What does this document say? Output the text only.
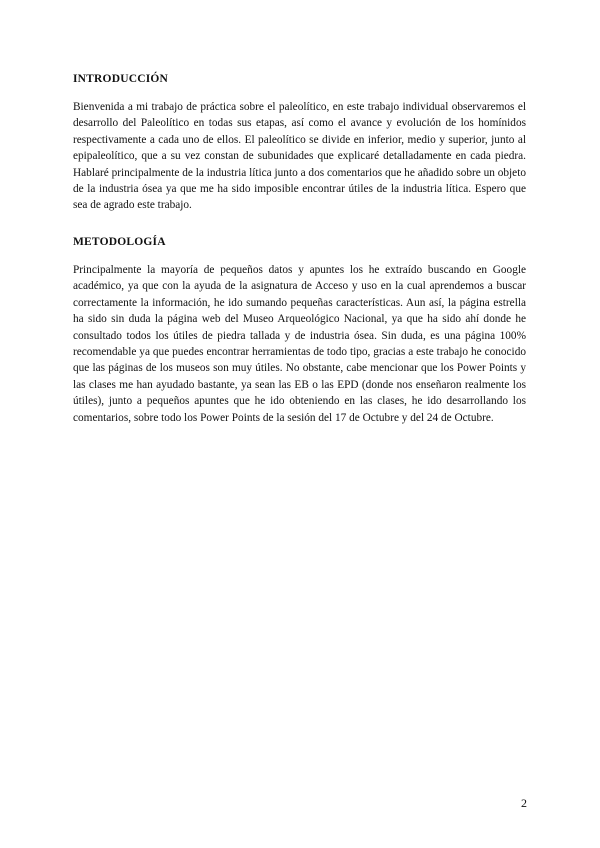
INTRODUCCIÓN

Bienvenida a mi trabajo de práctica sobre el paleolítico, en este trabajo individual observaremos el desarrollo del Paleolítico en todas sus etapas, así como el avance y evolución de los homínidos respectivamente a cada uno de ellos. El paleolítico se divide en inferior, medio y superior, junto al epipaleolítico, que a su vez constan de subunidades que explicaré detalladamente en cada piedra. Hablaré principalmente de la industria lítica junto a dos comentarios que he añadido sobre un objeto de la industria ósea ya que me ha sido imposible encontrar útiles de la industria lítica. Espero que sea de agrado este trabajo.

METODOLOGÍA

Principalmente la mayoría de pequeños datos y apuntes los he extraído buscando en Google académico, ya que con la ayuda de la asignatura de Acceso y uso en la cual aprendemos a buscar correctamente la información, he ido sumando pequeñas características. Aun así, la página estrella ha sido sin duda la página web del Museo Arqueológico Nacional, ya que ha sido ahí donde he consultado todos los útiles de piedra tallada y de industria ósea. Sin duda, es una página 100% recomendable ya que puedes encontrar herramientas de todo tipo, gracias a este trabajo he conocido que las páginas de los museos son muy útiles. No obstante, cabe mencionar que los Power Points y las clases me han ayudado bastante, ya sean las EB o las EPD (donde nos enseñaron realmente los útiles), junto a pequeños apuntes que he ido obteniendo en las clases, he ido desarrollando los comentarios, sobre todo los Power Points de la sesión del 17 de Octubre y del 24 de Octubre.

2
